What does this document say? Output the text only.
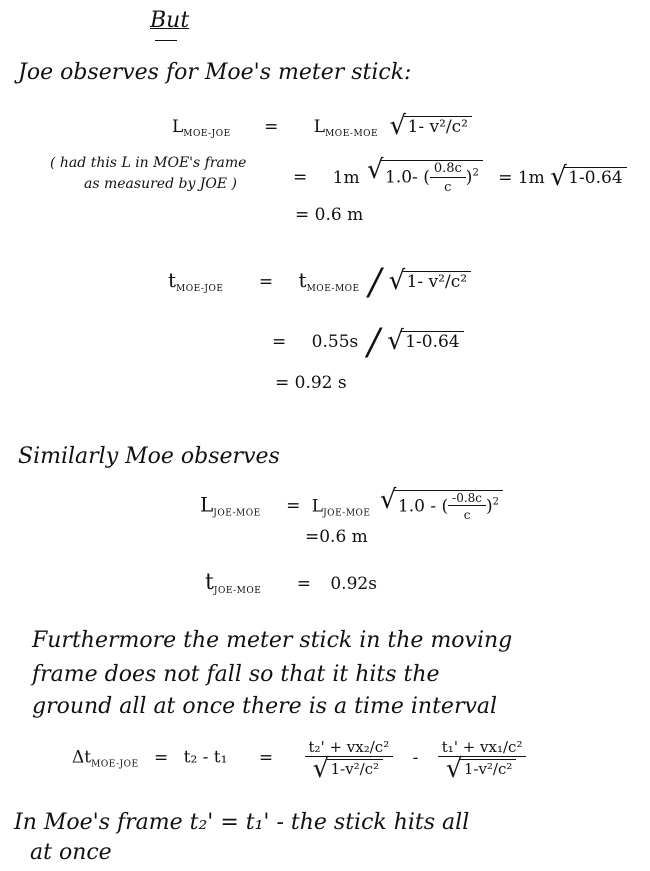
But
Joe observes for Moe's meter stick:
$L_{MOE-JOE} = L_{MOE-MOE}$ √ 1- v²/c²
( had this L in MOE's frame
as measured by JOE )	= 1m √ 1.0- ( $\frac{0.8c}{c} )^2 = 1m$ √ 1-0.64
= 0.6 m
$t_{MOE-JOE} = t_{MOE-MOE}$ / √ 1- v²/c²
= 0.55s / √ 1-0.64
= 0.92 s
Similarly Moe observes
$L_{JOE-MOE} = L_{JOE-MOE}$ √ 1.0 - ( $\frac{-0.8c}{c} )^2$
=0.6 m
$t_{JOE-MOE} = 0.92s$
Furthermore the meter stick in the moving
frame does not fall so that it hits the
ground all at once there is a time interval
$\Delta t_{MOE-JOE} = t_2 - t_1 = t_2' + vx_2/c^2$
√ 1-v²/c² - t₁' + vx₁/c²
√ 1-v²/c²
In Moe's frame t₂' = t₁' - the stick hits all
at once
